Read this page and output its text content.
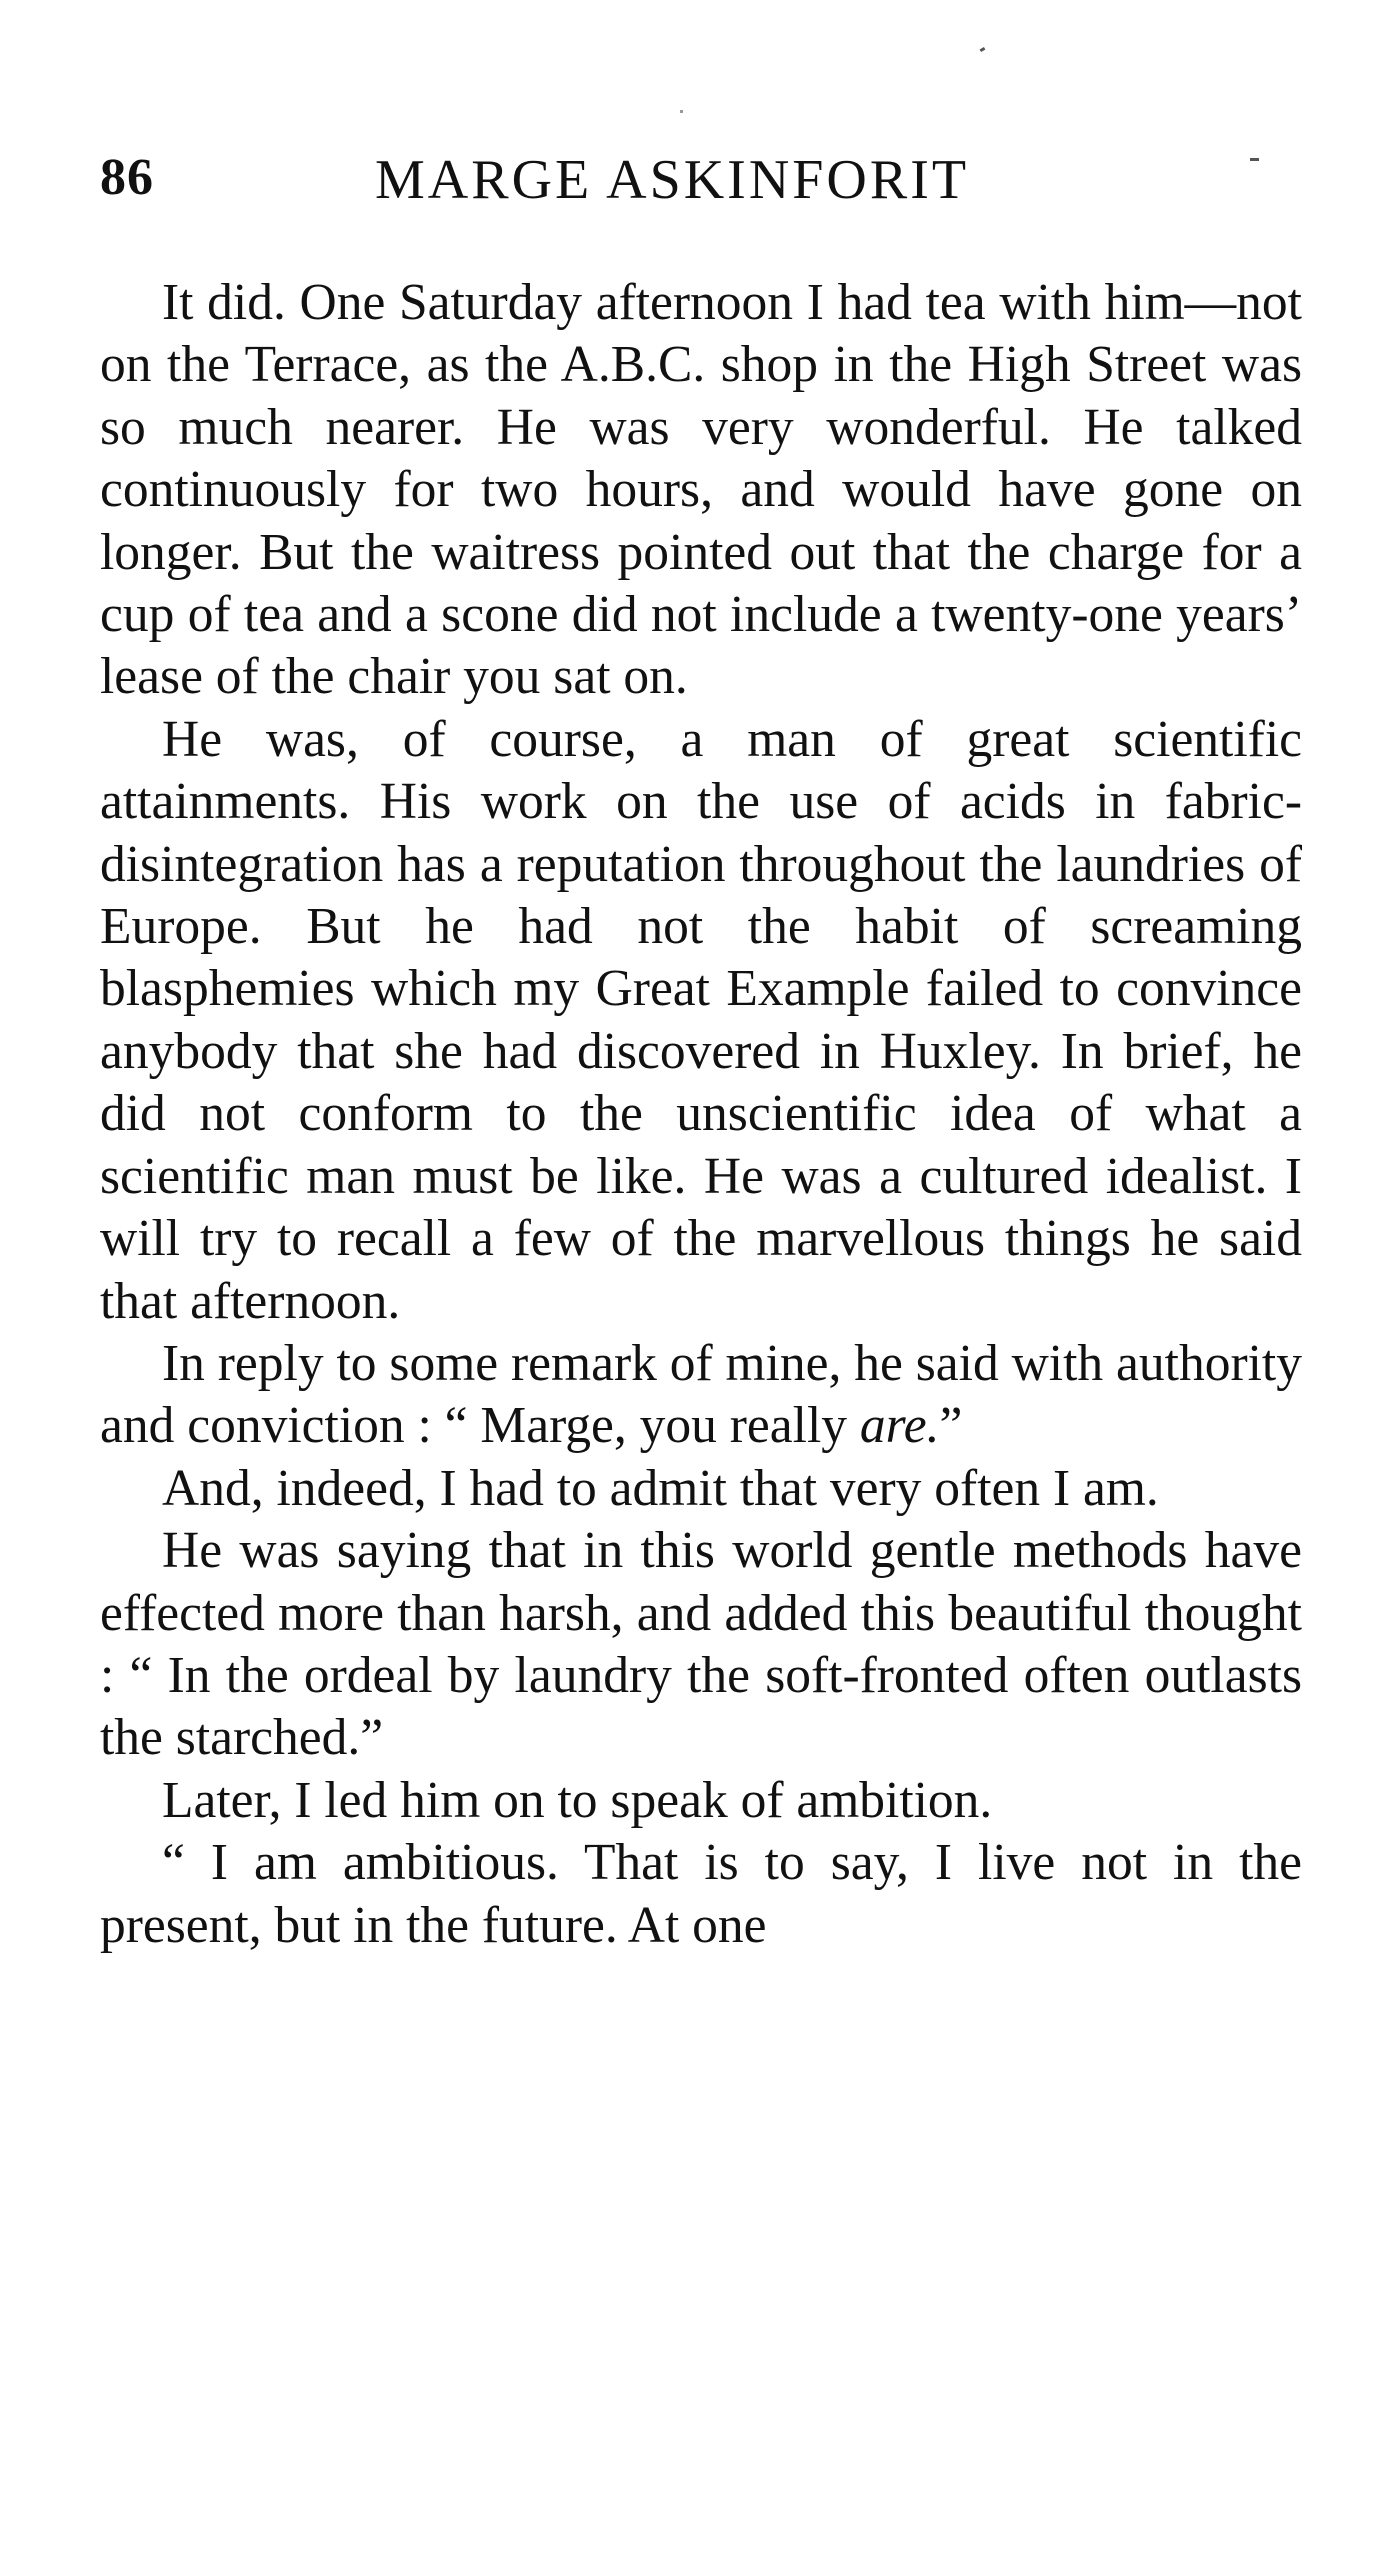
86	MARGE ASKINFORIT

It did. One Saturday afternoon I had tea with him—not on the Terrace, as the A.B.C. shop in the High Street was so much nearer. He was very wonderful. He talked continuously for two hours, and would have gone on longer. But the waitress pointed out that the charge for a cup of tea and a scone did not include a twenty-one years’ lease of the chair you sat on.

He was, of course, a man of great scientific attainments. His work on the use of acids in fabric-disintegration has a reputation throughout the laundries of Europe. But he had not the habit of screaming blasphemies which my Great Example failed to convince anybody that she had discovered in Huxley. In brief, he did not conform to the unscientific idea of what a scientific man must be like. He was a cultured idealist. I will try to recall a few of the marvellous things he said that afternoon.

In reply to some remark of mine, he said with authority and conviction : “ Marge, you really are.”

And, indeed, I had to admit that very often I am.

He was saying that in this world gentle methods have effected more than harsh, and added this beautiful thought : “ In the ordeal by laundry the soft-fronted often outlasts the starched.”

Later, I led him on to speak of ambition.

“ I am ambitious. That is to say, I live not in the present, but in the future. At one
